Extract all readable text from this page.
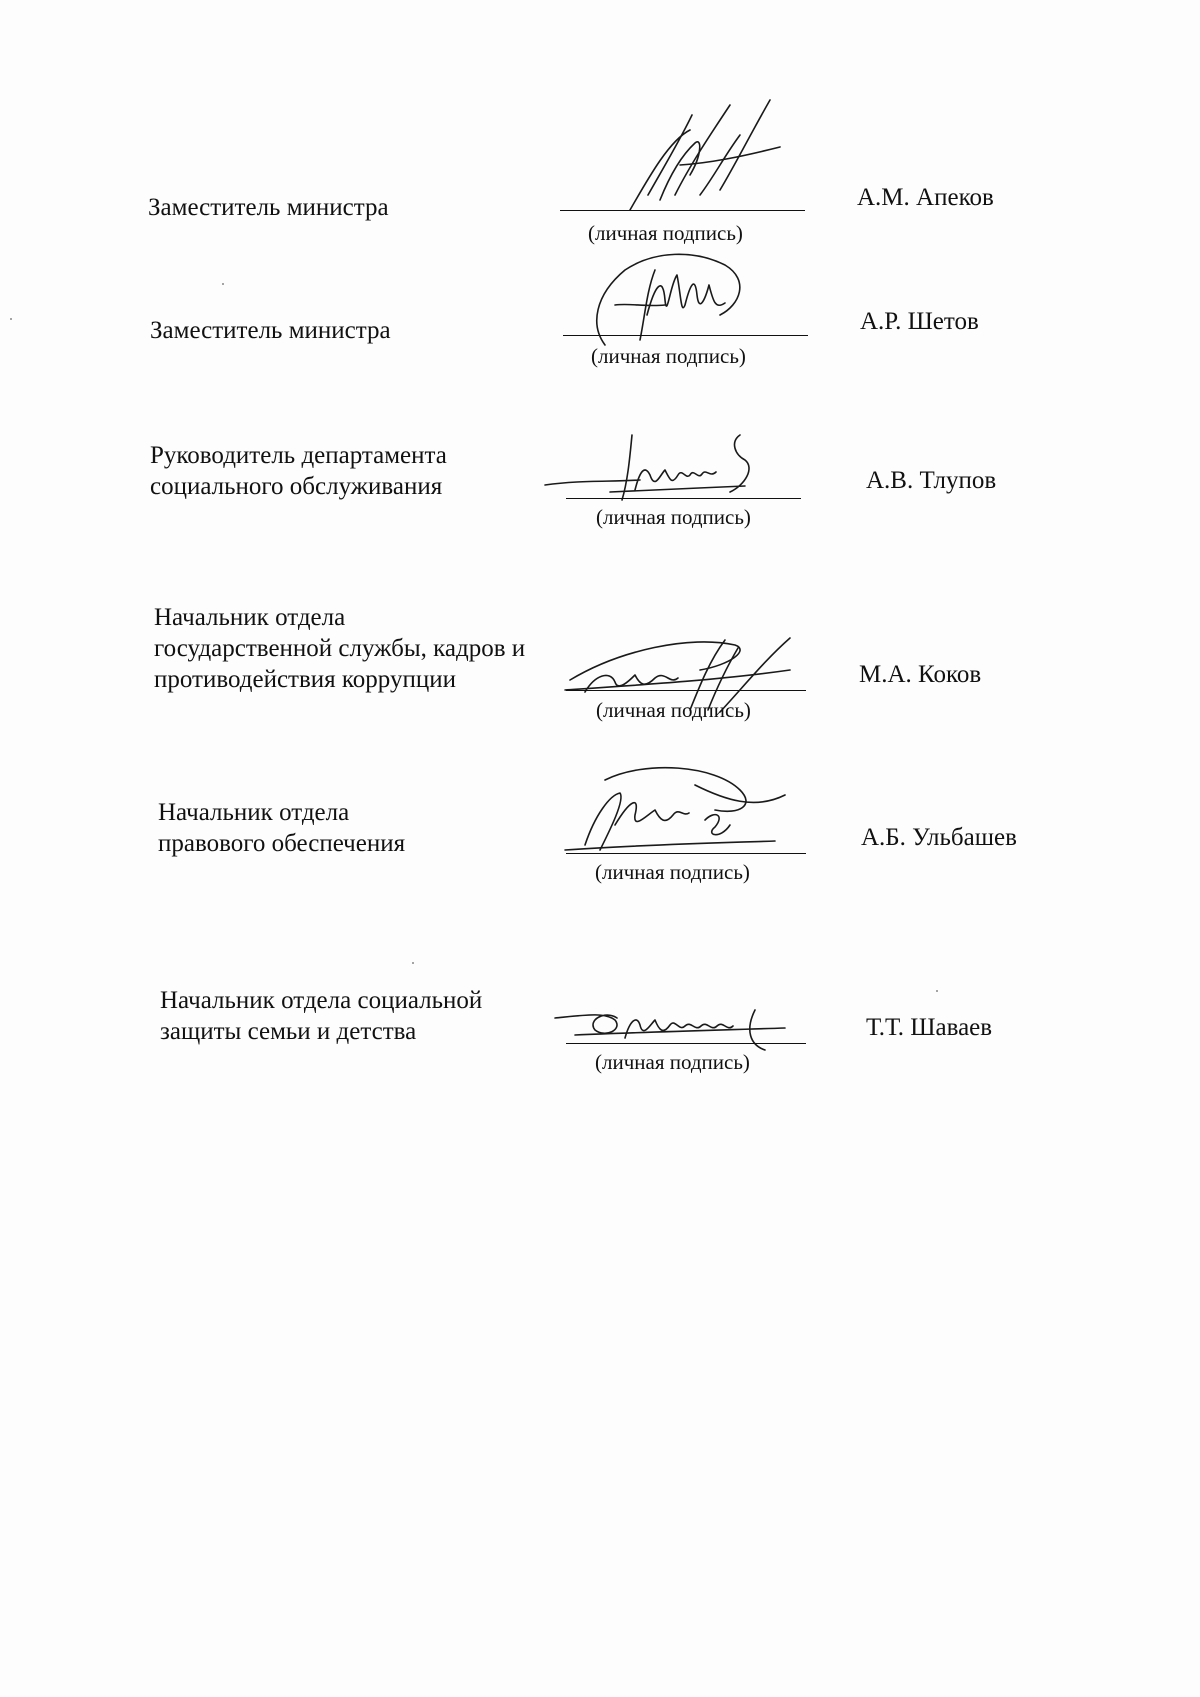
Заместитель министра
(личная подпись)
А.М. Апеков
Заместитель министра
(личная подпись)
А.Р. Шетов
Руководитель департамента
социального обслуживания
(личная подпись)
А.В. Тлупов
Начальник отдела
государственной службы, кадров и
противодействия коррупции
(личная подпись)
М.А. Коков
Начальник отдела
правового обеспечения
(личная подпись)
А.Б. Ульбашев
Начальник отдела социальной
защиты семьи и детства
(личная подпись)
Т.Т. Шаваев
